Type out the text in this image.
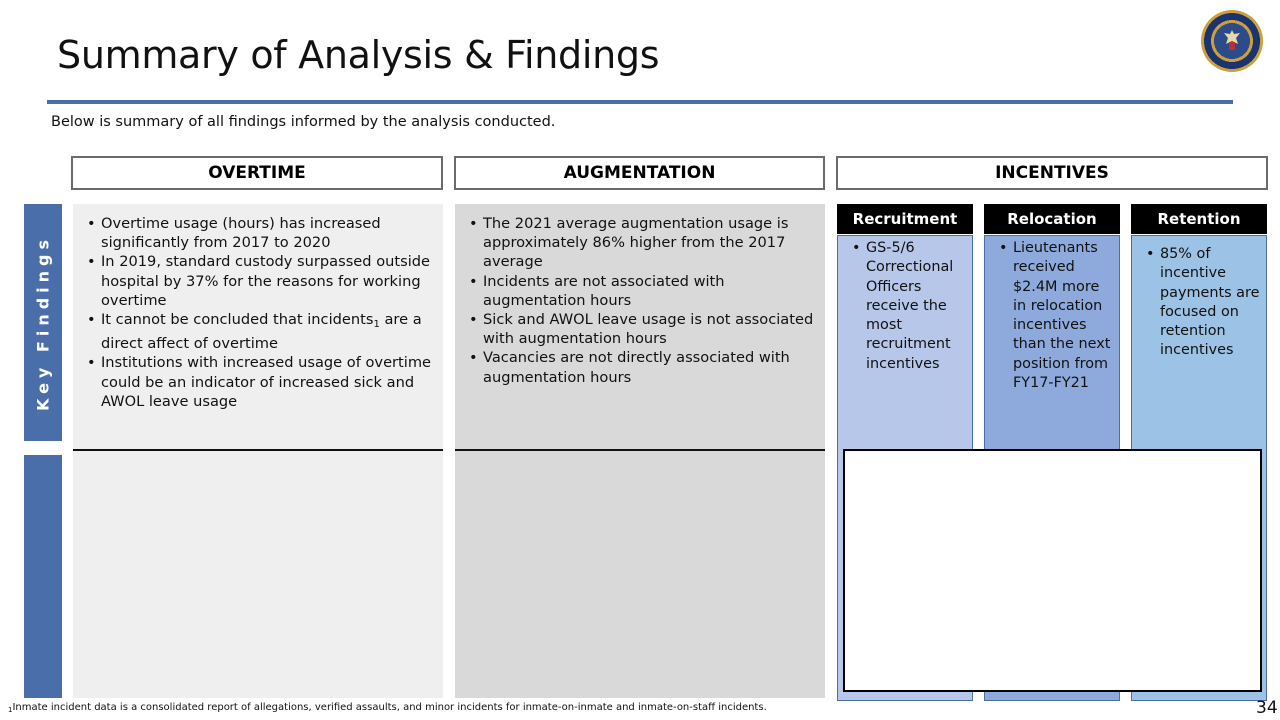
Summary of Analysis & Findings

Below is summary of all findings informed by the analysis conducted.

OVERTIME	AUGMENTATION	INCENTIVES
Key Findings
• Overtime usage (hours) has increased significantly from 2017 to 2020
• In 2019, standard custody surpassed outside hospital by 37% for the reasons for working overtime
• It cannot be concluded that incidents$_1$ are a direct affect of overtime
• Institutions with increased usage of overtime could be an indicator of increased sick and AWOL leave usage
• The 2021 average augmentation usage is approximately 86% higher from the 2017 average
• Incidents are not associated with augmentation hours
• Sick and AWOL leave usage is not associated with augmentation hours
• Vacancies are not directly associated with augmentation hours
Recruitment	Relocation	Retention
• GS-5/6 Correctional Officers receive the most recruitment incentives
• Lieutenants received $2.4M more in relocation incentives than the next position from FY17-FY21
• 85% of incentive payments are focused on retention incentives

$_1$Inmate incident data is a consolidated report of allegations, verified assaults, and minor incidents for inmate-on-inmate and inmate-on-staff incidents.	34
